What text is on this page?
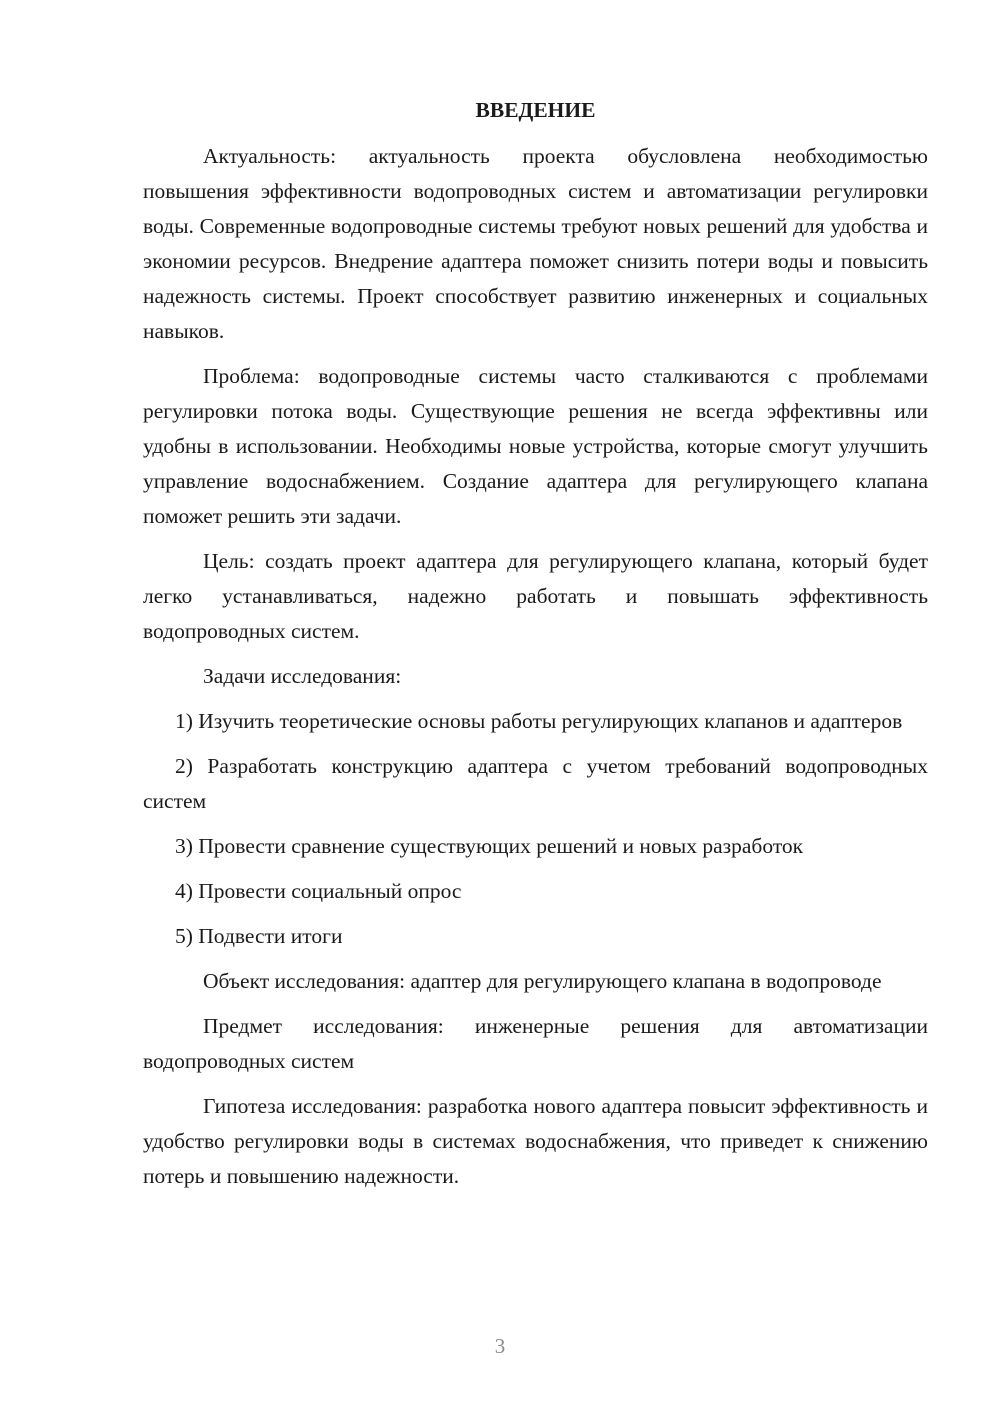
ВВЕДЕНИЕ

Актуальность: актуальность проекта обусловлена необходимостью повышения эффективности водопроводных систем и автоматизации регулировки воды. Современные водопроводные системы требуют новых решений для удобства и экономии ресурсов. Внедрение адаптера поможет снизить потери воды и повысить надежность системы. Проект способствует развитию инженерных и социальных навыков.

Проблема: водопроводные системы часто сталкиваются с проблемами регулировки потока воды. Существующие решения не всегда эффективны или удобны в использовании. Необходимы новые устройства, которые смогут улучшить управление водоснабжением. Создание адаптера для регулирующего клапана поможет решить эти задачи.

Цель: создать проект адаптера для регулирующего клапана, который будет легко устанавливаться, надежно работать и повышать эффективность водопроводных систем.

Задачи исследования:

1) Изучить теоретические основы работы регулирующих клапанов и адаптеров

2) Разработать конструкцию адаптера с учетом требований водопроводных систем

3) Провести сравнение существующих решений и новых разработок

4) Провести социальный опрос

5) Подвести итоги

Объект исследования: адаптер для регулирующего клапана в водопроводе

Предмет исследования: инженерные решения для автоматизации водопроводных систем

Гипотеза исследования: разработка нового адаптера повысит эффективность и удобство регулировки воды в системах водоснабжения, что приведет к снижению потерь и повышению надежности.

3
